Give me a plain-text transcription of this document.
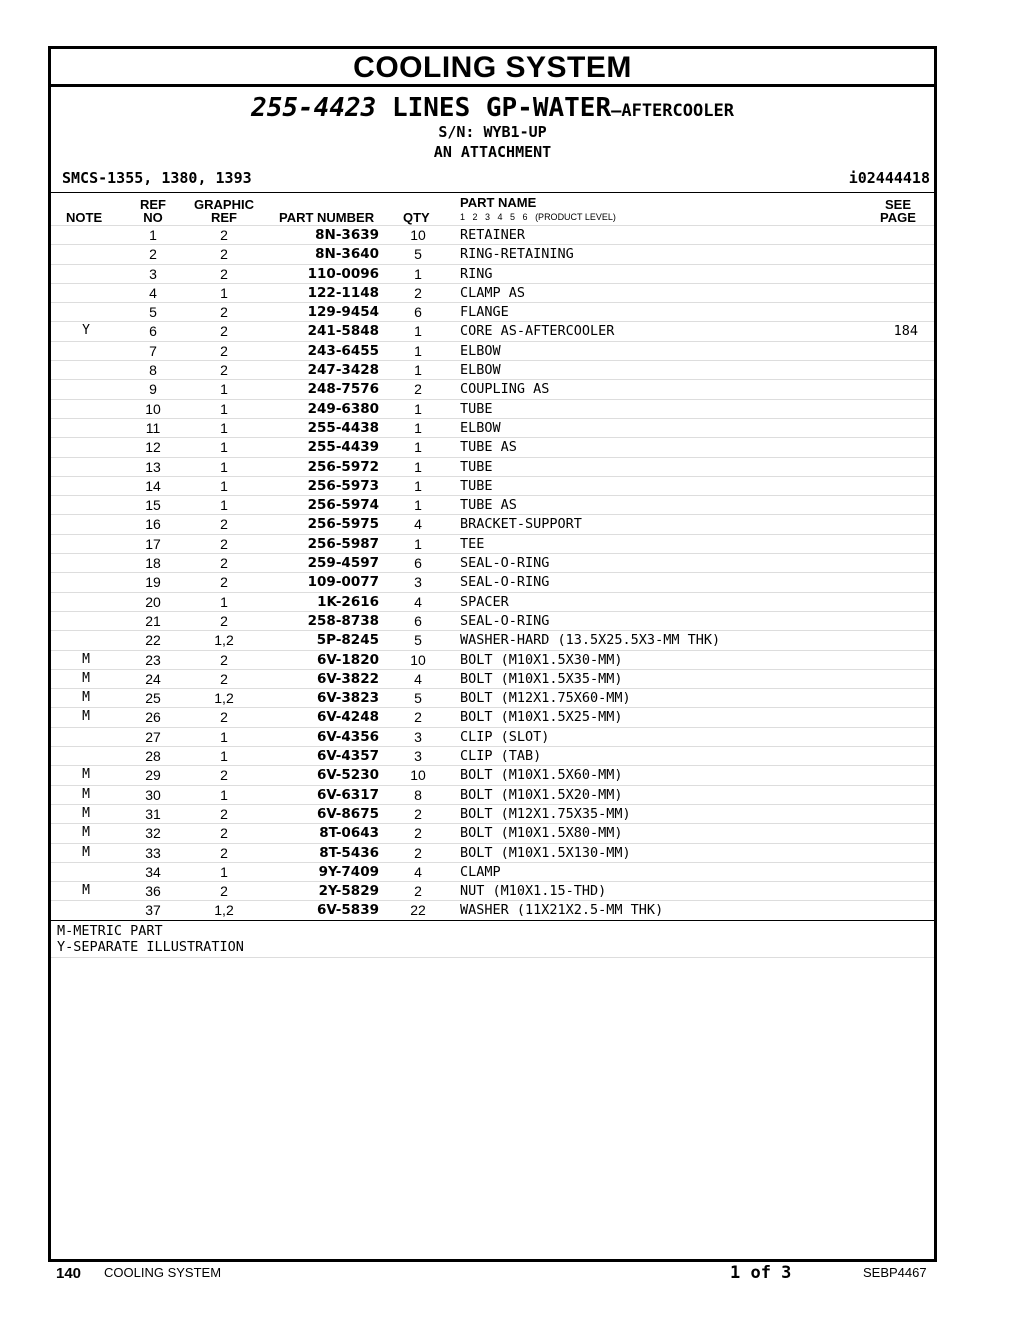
COOLING SYSTEM
255-4423 LINES GP-WATER—AFTERCOOLER
S/N: WYB1-UP
AN ATTACHMENT
SMCS-1355, 1380, 1393	i02444418
NOTE
REF
NO
GRAPHIC
REF	PART NUMBER QTY
PART NAME
1 2 3 4 5 6 (PRODUCT LEVEL)
SEE
PAGE
1	2	8N-3639	10	RETAINER
2	2	8N-3640	5	RING-RETAINING
3	2	110-0096	1	RING
4	1	122-1148	2	CLAMP AS
5	2	129-9454	6	FLANGE
Y	6	2	241-5848	1	CORE AS-AFTERCOOLER	184
7	2	243-6455	1	ELBOW
8	2	247-3428	1	ELBOW
9	1	248-7576	2	COUPLING AS
10	1	249-6380	1	TUBE
11	1	255-4438	1	ELBOW
12	1	255-4439	1	TUBE AS
13	1	256-5972	1	TUBE
14	1	256-5973	1	TUBE
15	1	256-5974	1	TUBE AS
16	2	256-5975	4	BRACKET-SUPPORT
17	2	256-5987	1	TEE
18	2	259-4597	6	SEAL-O-RING
19	2	109-0077	3	SEAL-O-RING
20	1	1K-2616	4	SPACER
21	2	258-8738	6	SEAL-O-RING
22	1,2	5P-8245	5	WASHER-HARD (13.5X25.5X3-MM THK)
M	23	2	6V-1820	10	BOLT (M10X1.5X30-MM)
M	24	2	6V-3822	4	BOLT (M10X1.5X35-MM)
M	25	1,2	6V-3823	5	BOLT (M12X1.75X60-MM)
M	26	2	6V-4248	2	BOLT (M10X1.5X25-MM)
27	1	6V-4356	3	CLIP (SLOT)
28	1	6V-4357	3	CLIP (TAB)
M	29	2	6V-5230	10	BOLT (M10X1.5X60-MM)
M	30	1	6V-6317	8	BOLT (M10X1.5X20-MM)
M	31	2	6V-8675	2	BOLT (M12X1.75X35-MM)
M	32	2	8T-0643	2	BOLT (M10X1.5X80-MM)
M	33	2	8T-5436	2	BOLT (M10X1.5X130-MM)
34	1	9Y-7409	4	CLAMP
M	36	2	2Y-5829	2	NUT (M10X1.15-THD)
37	1,2	6V-5839	22	WASHER (11X21X2.5-MM THK)
M-METRIC PART
Y-SEPARATE ILLUSTRATION
140 COOLING SYSTEM	1 of 3	SEBP4467
